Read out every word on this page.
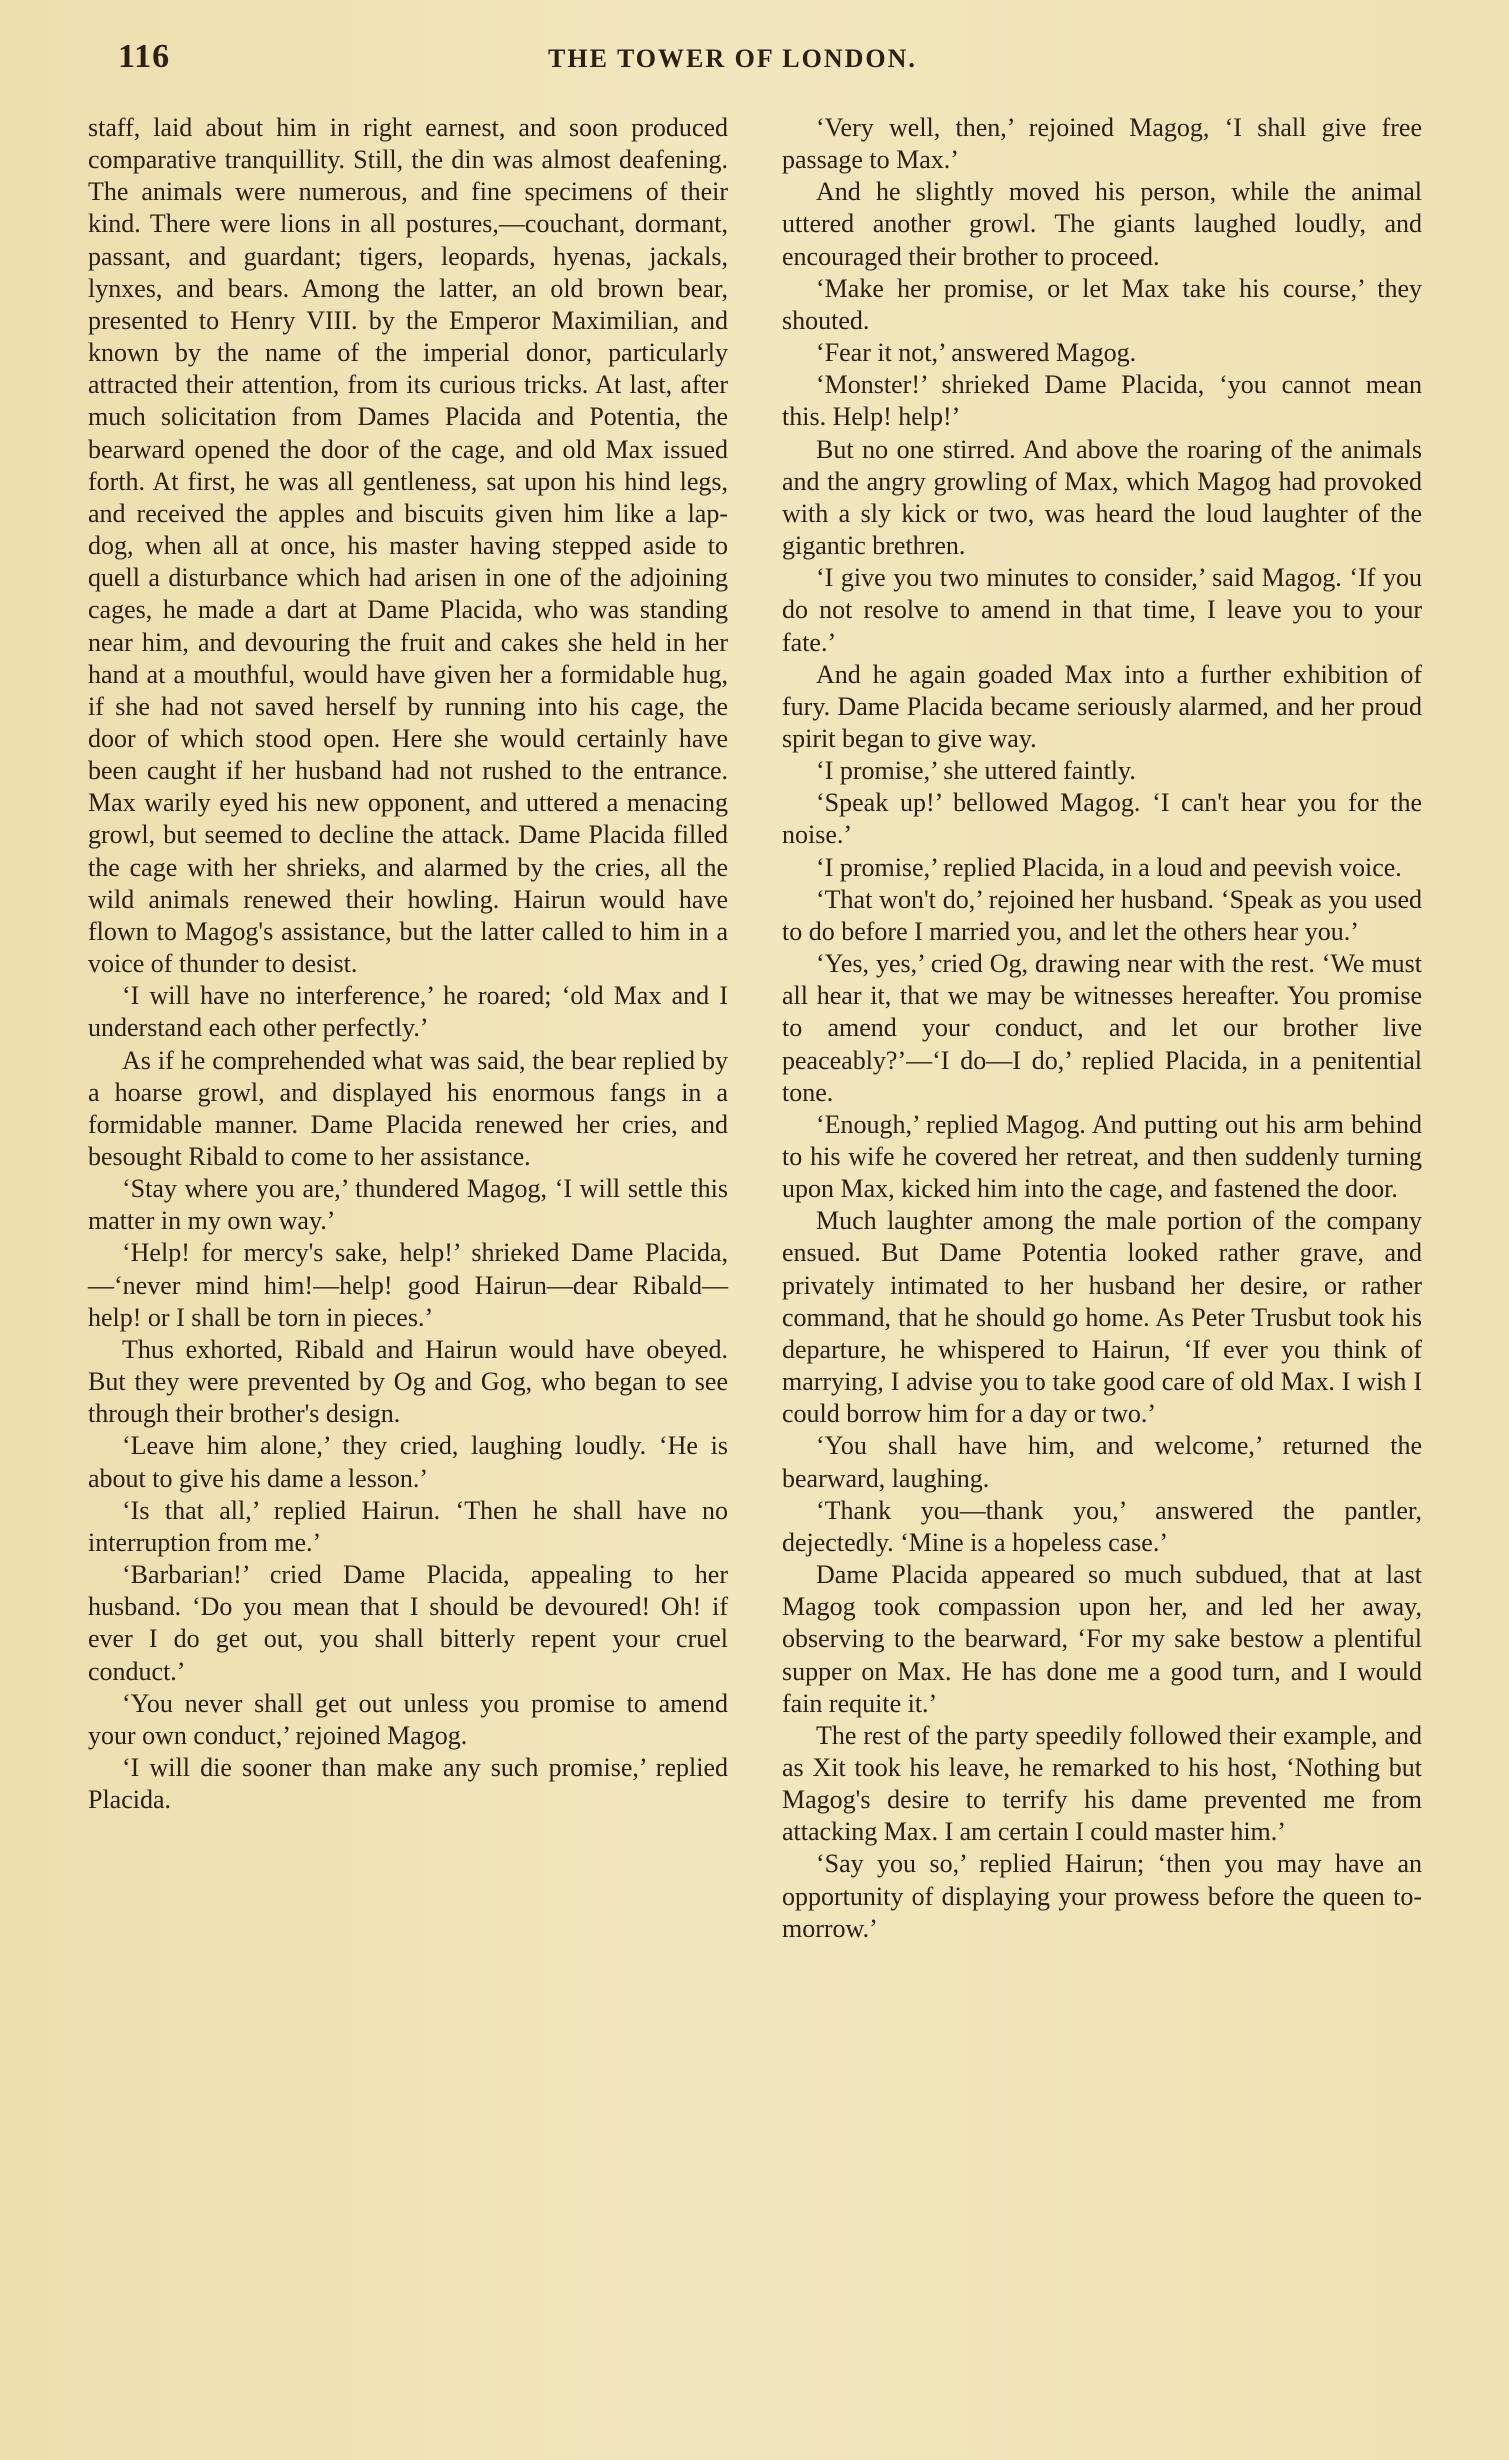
116	THE TOWER OF LONDON.

staff, laid about him in right earnest, and soon produced comparative tranquillity. Still, the din was almost deafening. The animals were numerous, and fine specimens of their kind. There were lions in all postures,—couchant, dormant, passant, and guardant; tigers, leopards, hyenas, jackals, lynxes, and bears. Among the latter, an old brown bear, presented to Henry VIII. by the Emperor Maximilian, and known by the name of the imperial donor, particularly attracted their attention, from its curious tricks. At last, after much solicitation from Dames Placida and Potentia, the bearward opened the door of the cage, and old Max issued forth. At first, he was all gentleness, sat upon his hind legs, and received the apples and biscuits given him like a lap-dog, when all at once, his master having stepped aside to quell a disturbance which had arisen in one of the adjoining cages, he made a dart at Dame Placida, who was standing near him, and devouring the fruit and cakes she held in her hand at a mouthful, would have given her a formidable hug, if she had not saved herself by running into his cage, the door of which stood open. Here she would certainly have been caught if her husband had not rushed to the entrance. Max warily eyed his new opponent, and uttered a menacing growl, but seemed to decline the attack. Dame Placida filled the cage with her shrieks, and alarmed by the cries, all the wild animals renewed their howling. Hairun would have flown to Magog's assistance, but the latter called to him in a voice of thunder to desist.

‘I will have no interference,’ he roared; ‘old Max and I understand each other perfectly.’

As if he comprehended what was said, the bear replied by a hoarse growl, and displayed his enormous fangs in a formidable manner. Dame Placida renewed her cries, and besought Ribald to come to her assistance.

‘Stay where you are,’ thundered Magog, ‘I will settle this matter in my own way.’

‘Help! for mercy's sake, help!’ shrieked Dame Placida,—‘never mind him!—help! good Hairun—dear Ribald—help! or I shall be torn in pieces.’

Thus exhorted, Ribald and Hairun would have obeyed. But they were prevented by Og and Gog, who began to see through their brother's design.

‘Leave him alone,’ they cried, laughing loudly. ‘He is about to give his dame a lesson.’

‘Is that all,’ replied Hairun. ‘Then he shall have no interruption from me.’

‘Barbarian!’ cried Dame Placida, appealing to her husband. ‘Do you mean that I should be devoured! Oh! if ever I do get out, you shall bitterly repent your cruel conduct.’

‘You never shall get out unless you promise to amend your own conduct,’ rejoined Magog.

‘I will die sooner than make any such promise,’ replied Placida.

‘Very well, then,’ rejoined Magog, ‘I shall give free passage to Max.’

And he slightly moved his person, while the animal uttered another growl. The giants laughed loudly, and encouraged their brother to proceed.

‘Make her promise, or let Max take his course,’ they shouted.

‘Fear it not,’ answered Magog.

‘Monster!’ shrieked Dame Placida, ‘you cannot mean this. Help! help!’

But no one stirred. And above the roaring of the animals and the angry growling of Max, which Magog had provoked with a sly kick or two, was heard the loud laughter of the gigantic brethren.

‘I give you two minutes to consider,’ said Magog. ‘If you do not resolve to amend in that time, I leave you to your fate.’

And he again goaded Max into a further exhibition of fury. Dame Placida became seriously alarmed, and her proud spirit began to give way.

‘I promise,’ she uttered faintly.

‘Speak up!’ bellowed Magog. ‘I can't hear you for the noise.’

‘I promise,’ replied Placida, in a loud and peevish voice.

‘That won't do,’ rejoined her husband. ‘Speak as you used to do before I married you, and let the others hear you.’

‘Yes, yes,’ cried Og, drawing near with the rest. ‘We must all hear it, that we may be witnesses hereafter. You promise to amend your conduct, and let our brother live peaceably?’—‘I do—I do,’ replied Placida, in a penitential tone.

‘Enough,’ replied Magog. And putting out his arm behind to his wife he covered her retreat, and then suddenly turning upon Max, kicked him into the cage, and fastened the door.

Much laughter among the male portion of the company ensued. But Dame Potentia looked rather grave, and privately intimated to her husband her desire, or rather command, that he should go home. As Peter Trusbut took his departure, he whispered to Hairun, ‘If ever you think of marrying, I advise you to take good care of old Max. I wish I could borrow him for a day or two.’

‘You shall have him, and welcome,’ returned the bearward, laughing.

‘Thank you—thank you,’ answered the pantler, dejectedly. ‘Mine is a hopeless case.’

Dame Placida appeared so much subdued, that at last Magog took compassion upon her, and led her away, observing to the bearward, ‘For my sake bestow a plentiful supper on Max. He has done me a good turn, and I would fain requite it.’

The rest of the party speedily followed their example, and as Xit took his leave, he remarked to his host, ‘Nothing but Magog's desire to terrify his dame prevented me from attacking Max. I am certain I could master him.’

‘Say you so,’ replied Hairun; ‘then you may have an opportunity of displaying your prowess before the queen to-morrow.’
